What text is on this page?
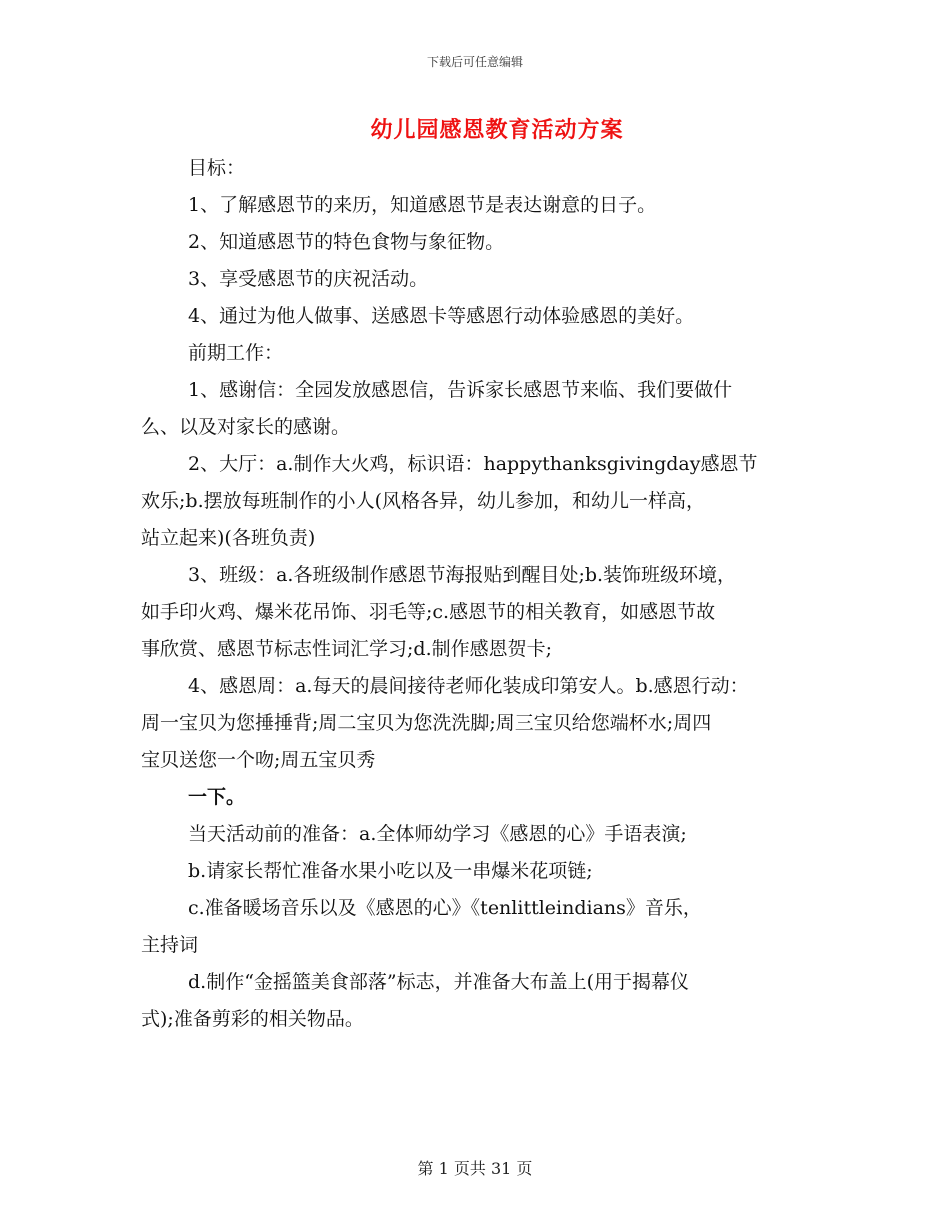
下载后可任意编辑
幼儿园感恩教育活动方案

目标：

1、了解感恩节的来历，知道感恩节是表达谢意的日子。

2、知道感恩节的特色食物与象征物。

3、享受感恩节的庆祝活动。

4、通过为他人做事、送感恩卡等感恩行动体验感恩的美好。

前期工作：

1、感谢信：全园发放感恩信，告诉家长感恩节来临、我们要做什

么、以及对家长的感谢。

2、大厅：a.制作大火鸡，标识语：happythanksgivingday感恩节

欢乐;b.摆放每班制作的小人(风格各异，幼儿参加，和幼儿一样高，

站立起来)(各班负责)

3、班级：a.各班级制作感恩节海报贴到醒目处;b.装饰班级环境，

如手印火鸡、爆米花吊饰、羽毛等;c.感恩节的相关教育，如感恩节故

事欣赏、感恩节标志性词汇学习;d.制作感恩贺卡;

4、感恩周：a.每天的晨间接待老师化装成印第安人。b.感恩行动：

周一宝贝为您捶捶背;周二宝贝为您洗洗脚;周三宝贝给您端杯水;周四

宝贝送您一个吻;周五宝贝秀

一下。

当天活动前的准备：a.全体师幼学习《感恩的心》手语表演;

b.请家长帮忙准备水果小吃以及一串爆米花项链;

c.准备暖场音乐以及《感恩的心》《tenlittleindians》音乐，

主持词

d.制作“金摇篮美食部落”标志，并准备大布盖上(用于揭幕仪

式);准备剪彩的相关物品。

第 1 页共 31 页
